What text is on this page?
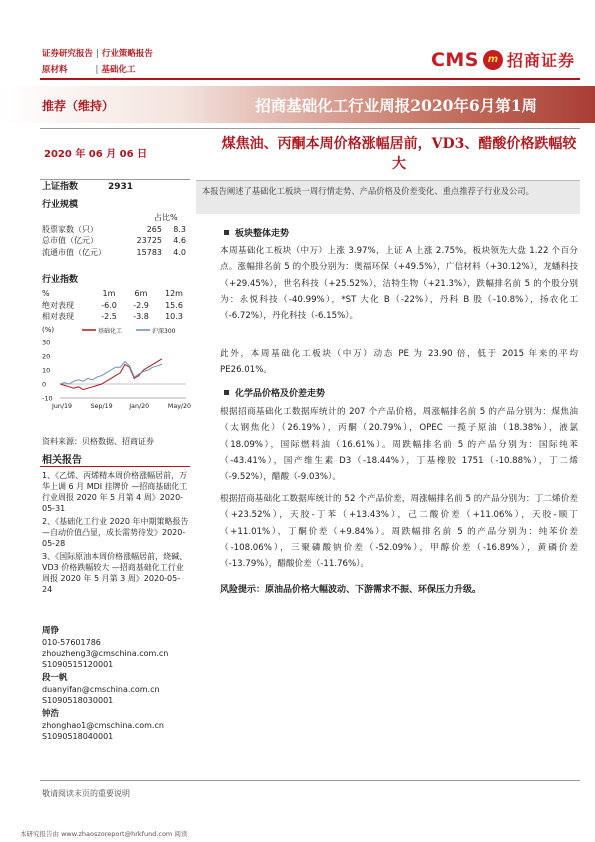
证券研究报告 | 行业策略报告
原材料	| 基础化工	CMS m 招商证券
推荐（维持）	招商基础化工行业周报2020年6月第1周
2020 年 06 月 06 日
煤焦油、丙酮本周价格涨幅居前，VD3、醋酸价格跌幅较大
上证指数	2931
行业规模
占比%
股票家数（只）	265	8.3
总市值（亿元）	23725	4.6
流通市值（亿元）	15783	4.0
行业指数
%	1m	6m	12m
绝对表现	-6.0	-2.9	15.6
相对表现	-2.5	-3.8	10.3
(%)	基础化工	沪深300
30
20
10
0
-10
Jun/19	Sep/19	Jan/20	May/20
资料来源：贝格数据、招商证券
相关报告
1、《乙烯、丙烯精本周价格涨幅居前，万华上调 6 月 MDI 挂牌价 —招商基础化工行业周报 2020 年 5 月第 4 周》2020-05-31
2、《基础化工行业 2020 年中期策略报告—自动价值凸显，成长需势待发》2020-05-28
3、《国际原油本周价格涨幅居前，烧碱、VD3 价格跌幅较大 —招商基础化工行业周报 2020 年 5 月第 3 周》2020-05-24
周铮
010-57601786
zhouzheng3@cmschina.com.cn
S1090515120001
段一帆
duanyifan@cmschina.com.cn
S1090518030001
钟浩
zhonghao1@cmschina.com.cn
S1090518040001
本报告阐述了基础化工板块一周行情走势、产品价格及价差变化、重点推荐子行业及公司。
板块整体走势
本周基础化工板块（中万）上涨 3.97%，上证 A 上涨 2.75%，板块领先大盘 1.22 个百分点。涨幅排名前 5 的个股分别为：奥福环保（+49.5%），广信材料（+30.12%），龙蟠科技（+29.45%），世名科技（+25.52%），洁特生物（+21.3%），跌幅排名前 5 的个股分别为：永悦科技（-40.99%），*ST 大化 B（-22%），丹科 B 股（-10.8%），扬农化工（-6.72%），丹化科技（-6.15%）。
此外，本周基础化工板块（中万）动态 PE 为 23.90 倍，低于 2015 年来的平均 PE26.01%。
化学品价格及价差走势
根据招商基础化工数据库统计的 207 个产品价格，周涨幅排名前 5 的产品分别为：煤焦油（太钢焦化）（26.19%），丙酮（20.79%），OPEC 一揽子原油（18.38%），液氯（18.09%），国际燃料油（16.61%）。周跌幅排名前 5 的产品分别为：国际纯苯（-43.41%），国产维生素 D3（-18.44%），丁基橡胶 1751（-10.88%），丁二烯（-9.52%），醋酸（-9.03%）。
根据招商基础化工数据库统计的 52 个产品价差，周涨幅排名前 5 的产品分别为：丁二烯价差（+23.52%），天胶-丁苯（+13.43%），己二酸价差（+11.06%），天胶-顺丁（+11.01%），丁酮价差（+9.84%）。周跌幅排名前 5 的产品分别为：纯苯价差（-108.06%），三聚磷酸钠价差（-52.09%），甲醇价差（-16.89%），黄磷价差（-13.79%），醋酸价差（-11.76%）。
风险提示：原油品价格大幅波动、下游需求不振、环保压力升级。
敬请阅读末页的重要说明
本研究报告由 www.zhaoszoreport@hrkfund.com 阅读
